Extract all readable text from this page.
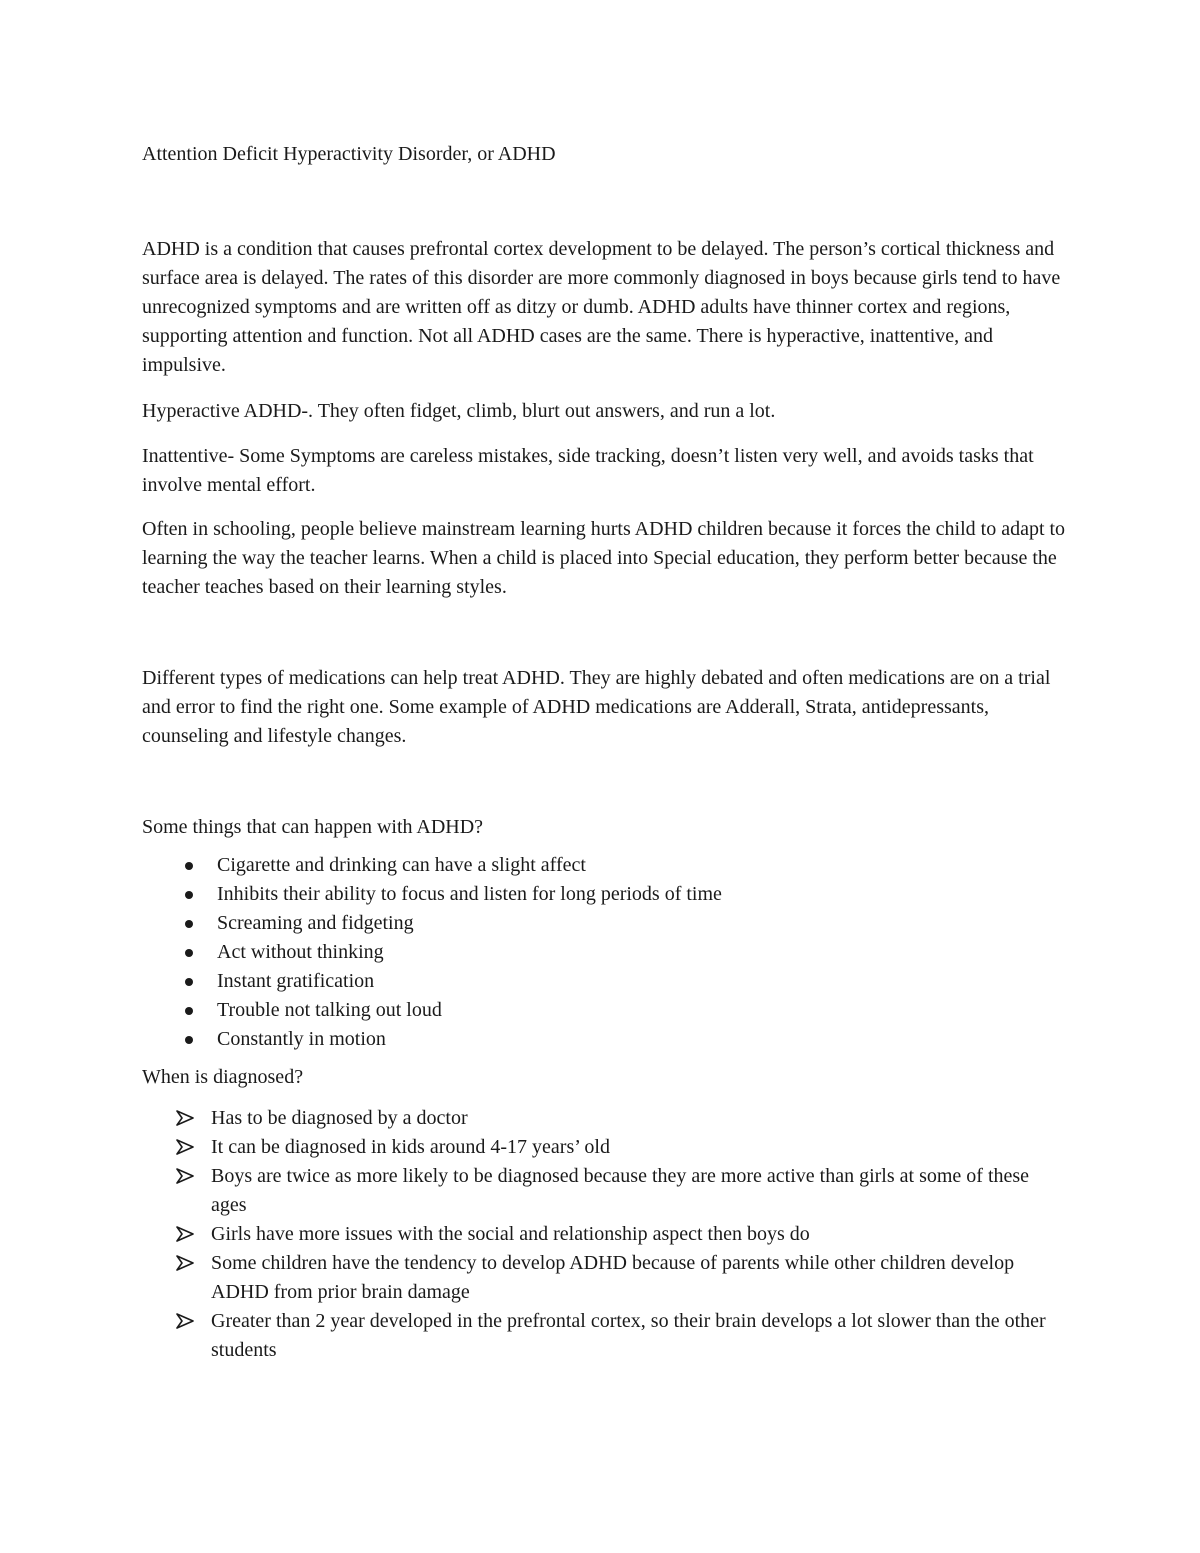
Attention Deficit Hyperactivity Disorder, or ADHD

ADHD is a condition that causes prefrontal cortex development to be delayed. The person’s cortical thickness and surface area is delayed. The rates of this disorder are more commonly diagnosed in boys because girls tend to have unrecognized symptoms and are written off as ditzy or dumb. ADHD adults have thinner cortex and regions, supporting attention and function. Not all ADHD cases are the same. There is hyperactive, inattentive, and impulsive.

Hyperactive ADHD-. They often fidget, climb, blurt out answers, and run a lot.

Inattentive- Some Symptoms are careless mistakes, side tracking, doesn’t listen very well, and avoids tasks that involve mental effort.

Often in schooling, people believe mainstream learning hurts ADHD children because it forces the child to adapt to learning the way the teacher learns. When a child is placed into Special education, they perform better because the teacher teaches based on their learning styles.

Different types of medications can help treat ADHD. They are highly debated and often medications are on a trial and error to find the right one. Some example of ADHD medications are Adderall, Strata, antidepressants, counseling and lifestyle changes.

Some things that can happen with ADHD?

Cigarette and drinking can have a slight affect
Inhibits their ability to focus and listen for long periods of time
Screaming and fidgeting
Act without thinking
Instant gratification
Trouble not talking out loud
Constantly in motion

When is diagnosed?

Has to be diagnosed by a doctor
It can be diagnosed in kids around 4-17 years’ old
Boys are twice as more likely to be diagnosed because they are more active than girls at some of these ages
Girls have more issues with the social and relationship aspect then boys do
Some children have the tendency to develop ADHD because of parents while other children develop ADHD from prior brain damage
Greater than 2 year developed in the prefrontal cortex, so their brain develops a lot slower than the other students
